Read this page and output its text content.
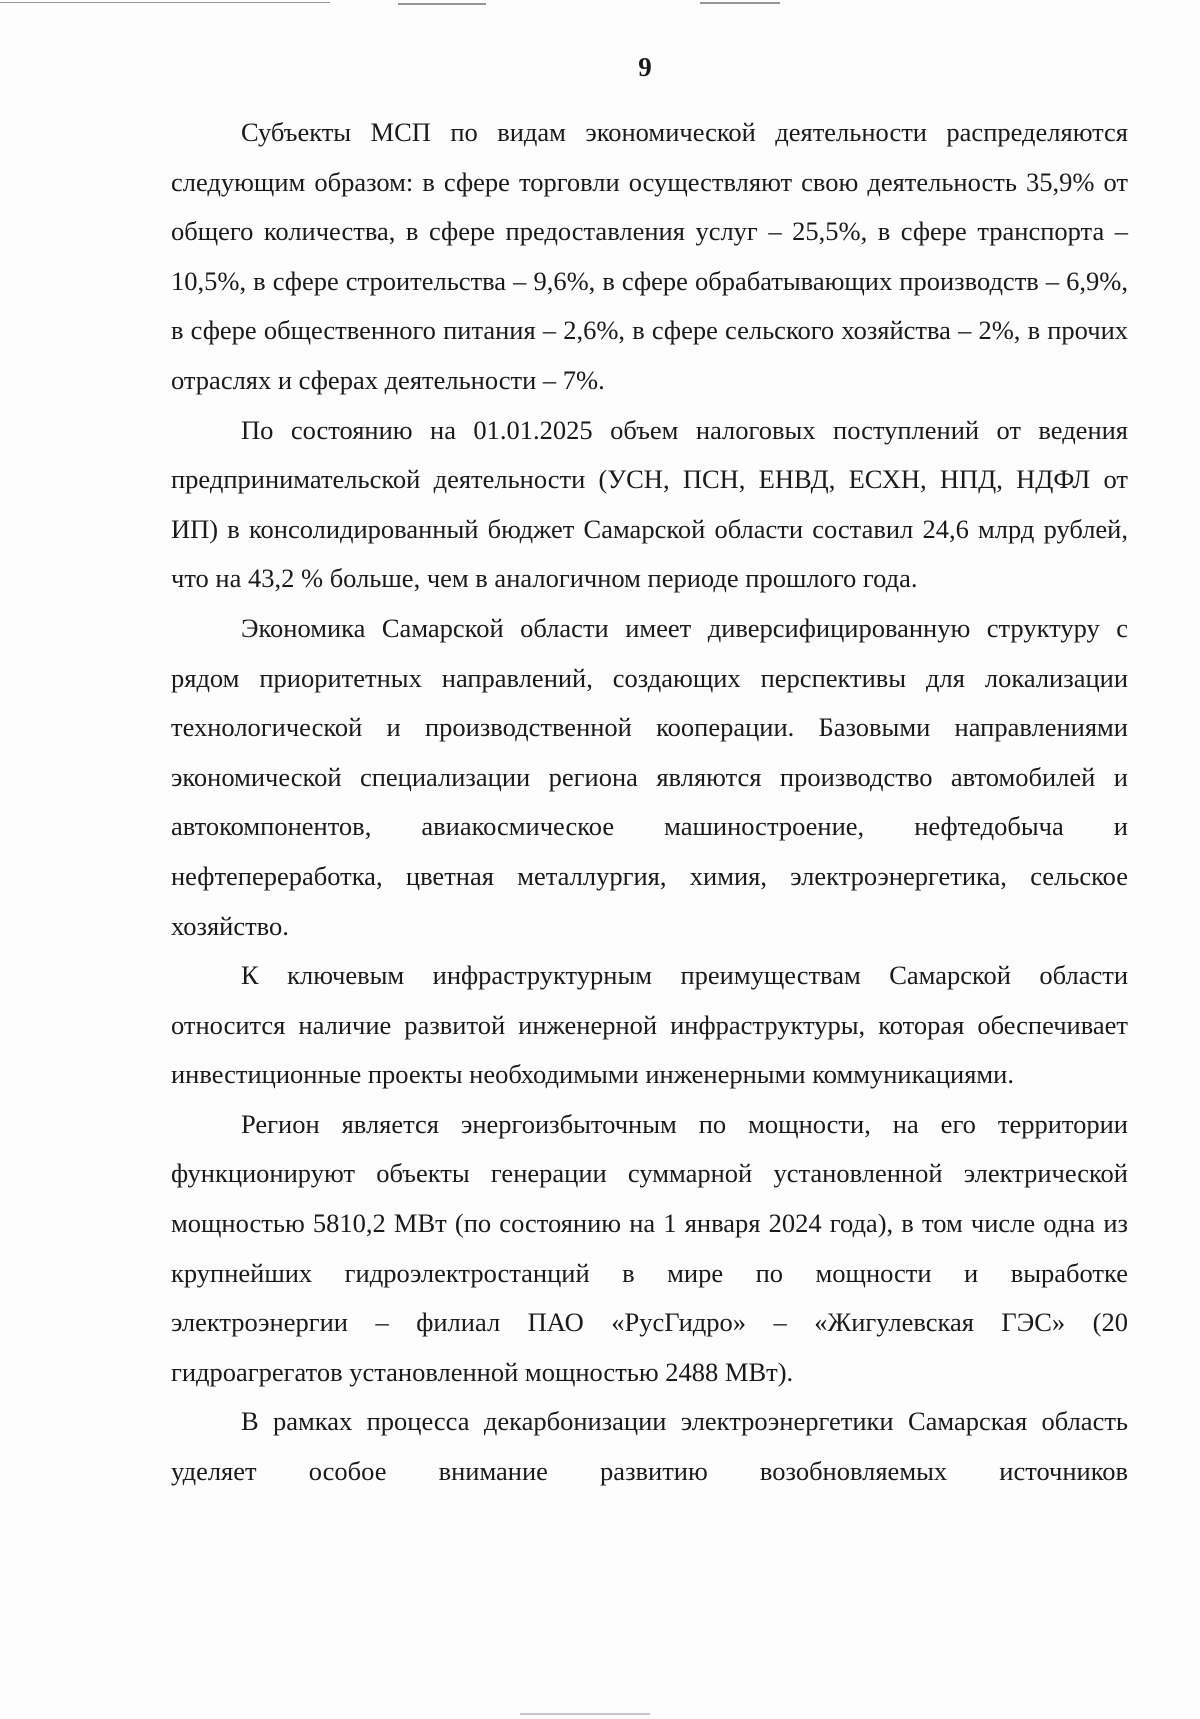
9

Субъекты МСП по видам экономической деятельности распределяются следующим образом: в сфере торговли осуществляют свою деятельность 35,9% от общего количества, в сфере предоставления услуг – 25,5%, в сфере транспорта – 10,5%, в сфере строительства – 9,6%, в сфере обрабатывающих производств – 6,9%, в сфере общественного питания – 2,6%, в сфере сельского хозяйства – 2%, в прочих отраслях и сферах деятельности – 7%.

По состоянию на 01.01.2025 объем налоговых поступлений от ведения предпринимательской деятельности (УСН, ПСН, ЕНВД, ЕСХН, НПД, НДФЛ от ИП) в консолидированный бюджет Самарской области составил 24,6 млрд рублей, что на 43,2 % больше, чем в аналогичном периоде прошлого года.

Экономика Самарской области имеет диверсифицированную структуру с рядом приоритетных направлений, создающих перспективы для локализации технологической и производственной кооперации. Базовыми направлениями экономической специализации региона являются производство автомобилей и автокомпонентов, авиакосмическое машиностроение, нефтедобыча и нефтепереработка, цветная металлургия, химия, электроэнергетика, сельское хозяйство.

К ключевым инфраструктурным преимуществам Самарской области относится наличие развитой инженерной инфраструктуры, которая обеспечивает инвестиционные проекты необходимыми инженерными коммуникациями.

Регион является энергоизбыточным по мощности, на его территории функционируют объекты генерации суммарной установленной электрической мощностью 5810,2 МВт (по состоянию на 1 января 2024 года), в том числе одна из крупнейших гидроэлектростанций в мире по мощности и выработке электроэнергии – филиал ПАО «РусГидро» – «Жигулевская ГЭС» (20 гидроагрегатов установленной мощностью 2488 МВт).

В рамках процесса декарбонизации электроэнергетики Самарская область уделяет особое внимание развитию возобновляемых источников
